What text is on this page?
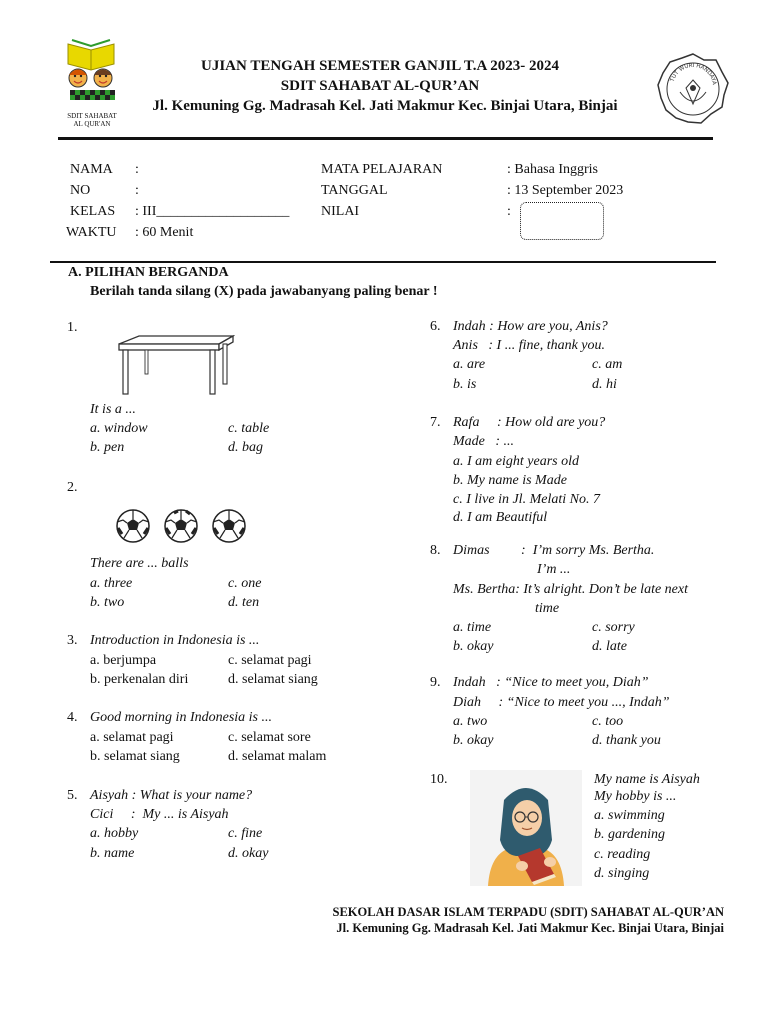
SDIT SAHABAT
AL QUR'AN
UJIAN TENGAH SEMESTER GANJIL T.A 2023- 2024
SDIT SAHABAT AL-QUR’AN
Jl. Kemuning Gg. Madrasah Kel. Jati Makmur Kec. Binjai Utara, Binjai
TUT WURI HANDAYA
NAMA :
NO	:
KELAS : III___________________
WAKTU : 60 Menit
MATA PELAJARAN	: Bahasa Inggris
TANGGAL	: 13 September 2023
NILAI	:
A. PILIHAN BERGANDA
Berilah tanda silang (X) pada jawabanyang paling benar !
1.
It is a ...
a. window
b. pen
c. table
d. bag
2.
There are ... balls
a. three
b. two
c. one
d. ten
3. Introduction in Indonesia is ...
a. berjumpa
b. perkenalan diri
c. selamat pagi
d. selamat siang
4. Good morning in Indonesia is ...
a. selamat pagi
b. selamat siang
c. selamat sore
d. selamat malam
5. Aisyah : What is your name?
Cici     :  My ... is Aisyah
a. hobby
b. name
c. fine
d. okay
6. Indah : How are you, Anis?
Anis   : I ... fine, thank you.
a. are
b. is
c. am
d. hi
7. Rafa     : How old are you?
Made   : ...
a. I am eight years old
b. My name is Made
c. I live in Jl. Melati No. 7
d. I am Beautiful
8. Dimas         :  I’m sorry Ms. Bertha.
I’m ...
Ms. Bertha: It’s alright. Don’t be late next
time
a. time
b. okay
c. sorry
d. late
9. Indah   : “Nice to meet you, Diah”
Diah     : “Nice to meet you ..., Indah”
a. two
b. okay
c. too
d. thank you
10.	My name is Aisyah
My hobby is ...
a. swimming
b. gardening
c. reading
d. singing
SEKOLAH DASAR ISLAM TERPADU (SDIT) SAHABAT AL-QUR’AN
Jl. Kemuning Gg. Madrasah Kel. Jati Makmur Kec. Binjai Utara, Binjai
